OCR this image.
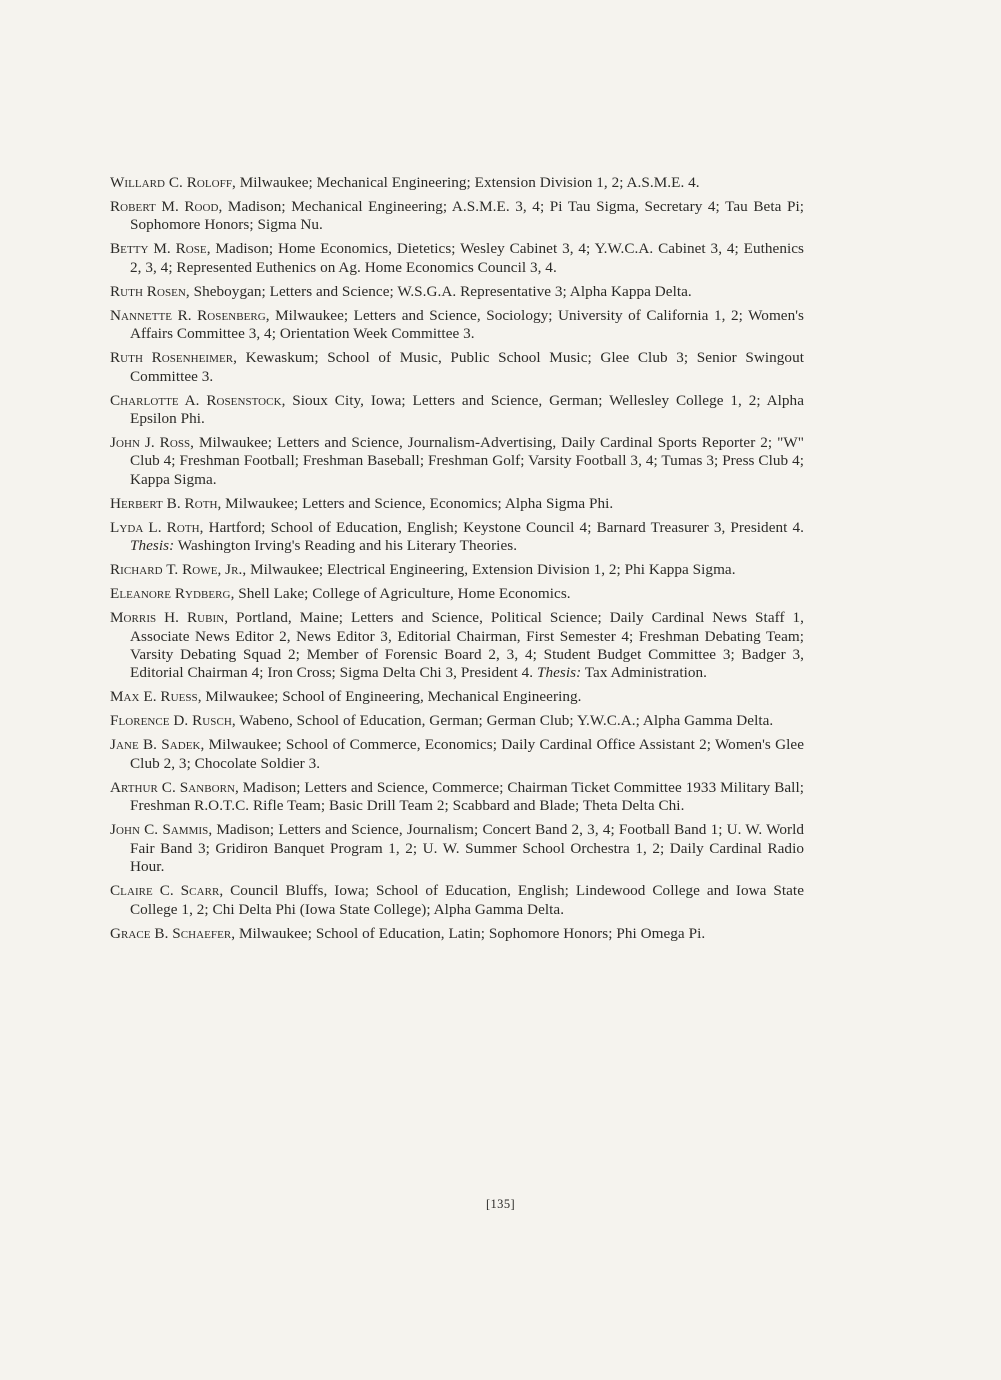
Willard C. Roloff, Milwaukee; Mechanical Engineering; Extension Division 1, 2; A.S.M.E. 4.

Robert M. Rood, Madison; Mechanical Engineering; A.S.M.E. 3, 4; Pi Tau Sigma, Secretary 4; Tau Beta Pi; Sophomore Honors; Sigma Nu.

Betty M. Rose, Madison; Home Economics, Dietetics; Wesley Cabinet 3, 4; Y.W.C.A. Cabinet 3, 4; Euthenics 2, 3, 4; Represented Euthenics on Ag. Home Economics Council 3, 4.

Ruth Rosen, Sheboygan; Letters and Science; W.S.G.A. Representative 3; Alpha Kappa Delta.

Nannette R. Rosenberg, Milwaukee; Letters and Science, Sociology; University of California 1, 2; Women's Affairs Committee 3, 4; Orientation Week Committee 3.

Ruth Rosenheimer, Kewaskum; School of Music, Public School Music; Glee Club 3; Senior Swingout Committee 3.

Charlotte A. Rosenstock, Sioux City, Iowa; Letters and Science, German; Wellesley College 1, 2; Alpha Epsilon Phi.

John J. Ross, Milwaukee; Letters and Science, Journalism-Advertising, Daily Cardinal Sports Reporter 2; "W" Club 4; Freshman Football; Freshman Baseball; Freshman Golf; Varsity Football 3, 4; Tumas 3; Press Club 4; Kappa Sigma.

Herbert B. Roth, Milwaukee; Letters and Science, Economics; Alpha Sigma Phi.

Lyda L. Roth, Hartford; School of Education, English; Keystone Council 4; Barnard Treasurer 3, President 4. Thesis: Washington Irving's Reading and his Literary Theories.

Richard T. Rowe, Jr., Milwaukee; Electrical Engineering, Extension Division 1, 2; Phi Kappa Sigma.

Eleanore Rydberg, Shell Lake; College of Agriculture, Home Economics.

Morris H. Rubin, Portland, Maine; Letters and Science, Political Science; Daily Cardinal News Staff 1, Associate News Editor 2, News Editor 3, Editorial Chairman, First Semester 4; Freshman Debating Team; Varsity Debating Squad 2; Member of Forensic Board 2, 3, 4; Student Budget Committee 3; Badger 3, Editorial Chairman 4; Iron Cross; Sigma Delta Chi 3, President 4. Thesis: Tax Administration.

Max E. Ruess, Milwaukee; School of Engineering, Mechanical Engineering.

Florence D. Rusch, Wabeno, School of Education, German; German Club; Y.W.C.A.; Alpha Gamma Delta.

Jane B. Sadek, Milwaukee; School of Commerce, Economics; Daily Cardinal Office Assistant 2; Women's Glee Club 2, 3; Chocolate Soldier 3.

Arthur C. Sanborn, Madison; Letters and Science, Commerce; Chairman Ticket Committee 1933 Military Ball; Freshman R.O.T.C. Rifle Team; Basic Drill Team 2; Scabbard and Blade; Theta Delta Chi.

John C. Sammis, Madison; Letters and Science, Journalism; Concert Band 2, 3, 4; Football Band 1; U. W. World Fair Band 3; Gridiron Banquet Program 1, 2; U. W. Summer School Orchestra 1, 2; Daily Cardinal Radio Hour.

Claire C. Scarr, Council Bluffs, Iowa; School of Education, English; Lindewood College and Iowa State College 1, 2; Chi Delta Phi (Iowa State College); Alpha Gamma Delta.

Grace B. Schaefer, Milwaukee; School of Education, Latin; Sophomore Honors; Phi Omega Pi.

[135]
